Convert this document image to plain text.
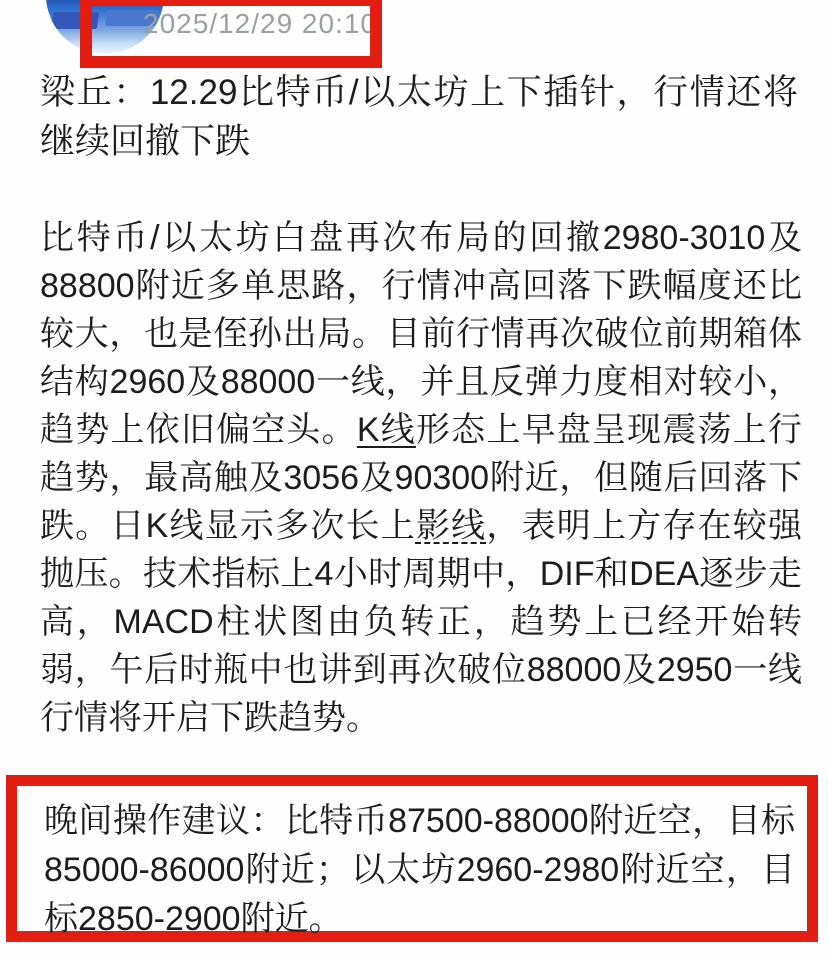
2025/12/29 20:10
梁丘：12.29比特币/以太坊上下插针，行情还将继续回撤下跌
比特币/以太坊白盘再次布局的回撤2980-3010及88800附近多单思路，行情冲高回落下跌幅度还比较大，也是侄孙出局。目前行情再次破位前期箱体结构2960及88000一线，并且反弹力度相对较小，趋势上依旧偏空头。K线形态上早盘呈现震荡上行趋势，最高触及3056及90300附近，但随后回落下跌。日K线显示多次长上影线，表明上方存在较强抛压。技术指标上4小时周期中，DIF和DEA逐步走高，MACD柱状图由负转正，趋势上已经开始转弱，午后时瓶中也讲到再次破位88000及2950一线行情将开启下跌趋势。

晚间操作建议：比特币87500-88000附近空，目标85000-86000附近；以太坊2960-2980附近空，目标2850-2900附近。
